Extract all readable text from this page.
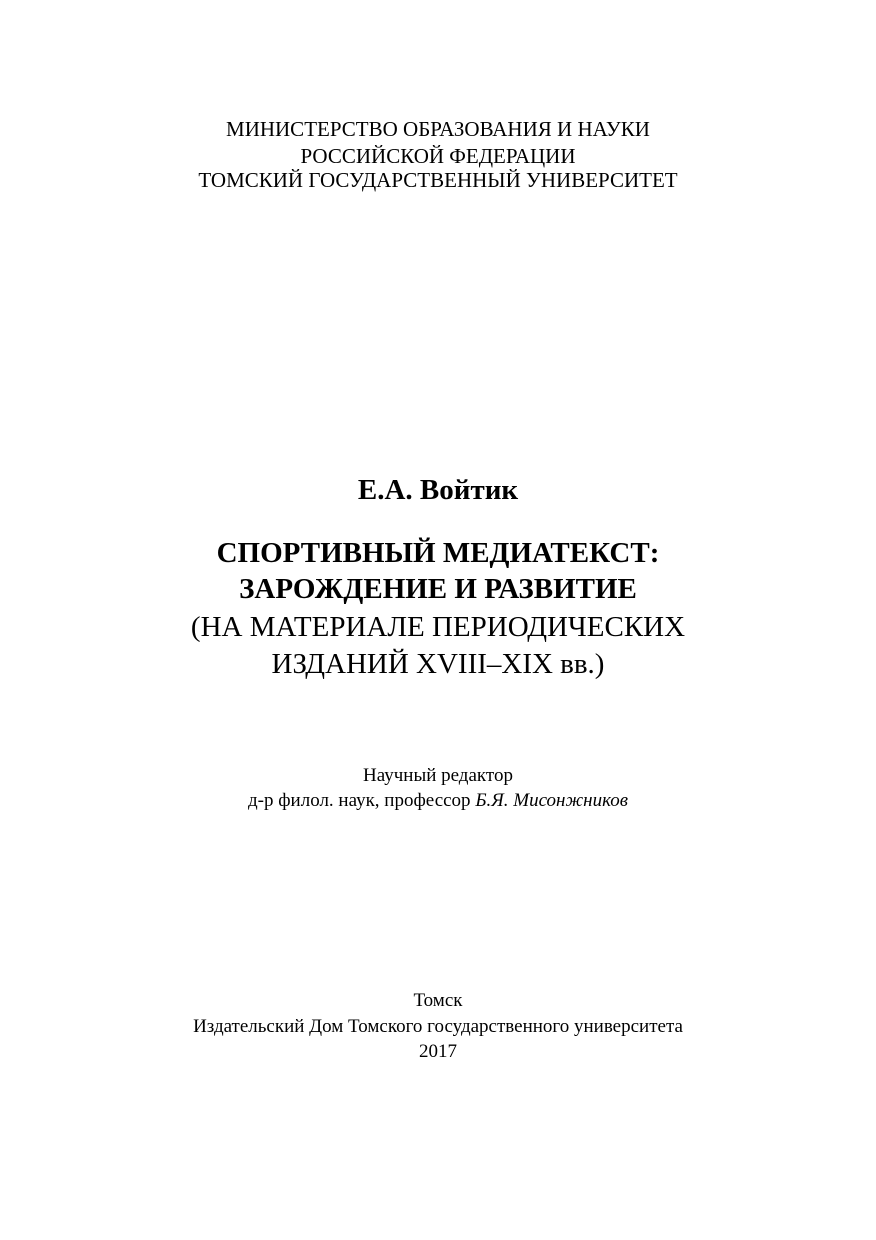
МИНИСТЕРСТВО ОБРАЗОВАНИЯ И НАУКИ
РОССИЙСКОЙ ФЕДЕРАЦИИ
ТОМСКИЙ ГОСУДАРСТВЕННЫЙ УНИВЕРСИТЕТ
Е.А. Войтик
СПОРТИВНЫЙ МЕДИАТЕКСТ:
ЗАРОЖДЕНИЕ И РАЗВИТИЕ
(НА МАТЕРИАЛЕ ПЕРИОДИЧЕСКИХ
ИЗДАНИЙ XVIII–XIX вв.)
Научный редактор
д-р филол. наук, профессор Б.Я. Мисонжников
Томск
Издательский Дом Томского государственного университета
2017
